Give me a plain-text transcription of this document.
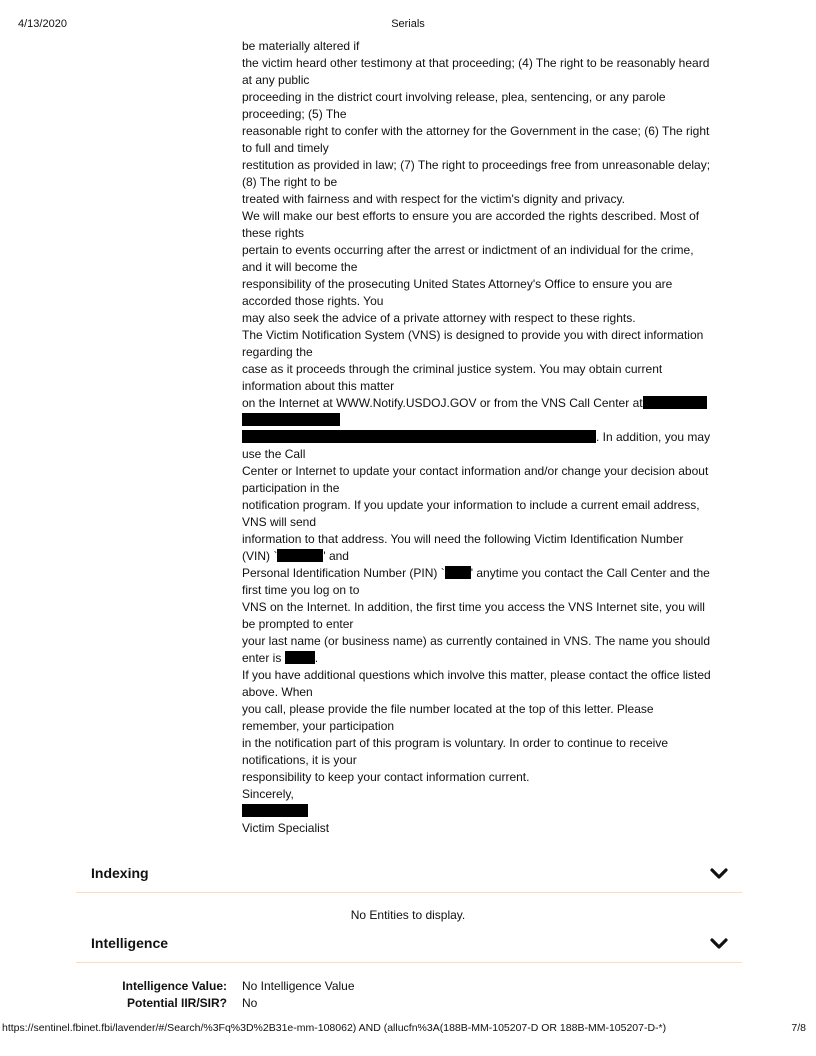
4/13/2020	Serials
be materially altered if
the victim heard other testimony at that proceeding; (4) The right to be reasonably heard
at any public
proceeding in the district court involving release, plea, sentencing, or any parole
proceeding; (5) The
reasonable right to confer with the attorney for the Government in the case; (6) The right
to full and timely
restitution as provided in law; (7) The right to proceedings free from unreasonable delay;
(8) The right to be
treated with fairness and with respect for the victim's dignity and privacy.
We will make our best efforts to ensure you are accorded the rights described. Most of
these rights
pertain to events occurring after the arrest or indictment of an individual for the crime,
and it will become the
responsibility of the prosecuting United States Attorney's Office to ensure you are
accorded those rights. You
may also seek the advice of a private attorney with respect to these rights.
The Victim Notification System (VNS) is designed to provide you with direct information
regarding the
case as it proceeds through the criminal justice system. You may obtain current
information about this matter
on the Internet at WWW.Notify.USDOJ.GOV or from the VNS Call Center at
. In addition, you may
use the Call
Center or Internet to update your contact information and/or change your decision about
participation in the
notification program. If you update your information to include a current email address,
VNS will send
information to that address. You will need the following Victim Identification Number
(VIN) `	' and
Personal Identification Number (PIN) ` ' anytime you contact the Call Center and the
first time you log on to
VNS on the Internet. In addition, the first time you access the VNS Internet site, you will
be prompted to enter
your last name (or business name) as currently contained in VNS. The name you should
enter is	.
If you have additional questions which involve this matter, please contact the office listed
above. When
you call, please provide the file number located at the top of this letter. Please
remember, your participation
in the notification part of this program is voluntary. In order to continue to receive
notifications, it is your
responsibility to keep your contact information current.
Sincerely,
Victim Specialist
Indexing
No Entities to display.
Intelligence
Intelligence Value: No Intelligence Value
Potential IIR/SIR? No
https://sentinel.fbinet.fbi/lavender/#/Search/%3Fq%3D%2B31e-mm-108062) AND (allucfn%3A(188B-MM-105207-D OR 188B-MM-105207-D-*)	7/8
